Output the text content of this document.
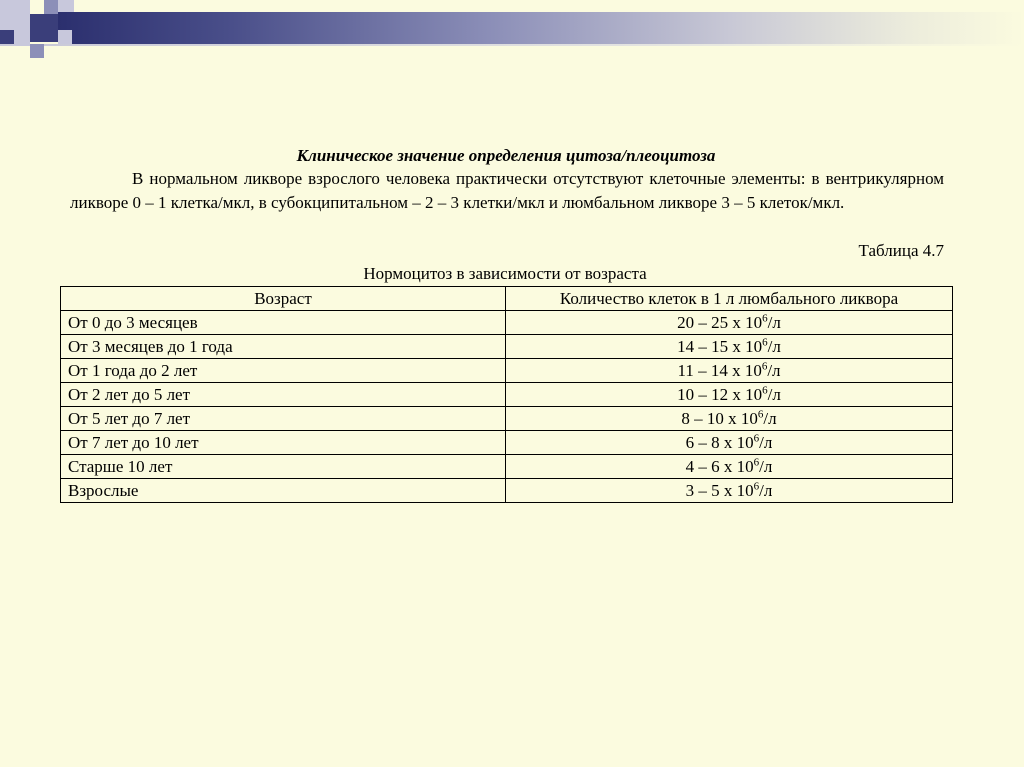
Клиническое значение определения цитоза/плеоцитоза
В нормальном ликворе взрослого человека практически отсутствуют клеточные элементы: в вентрикулярном ликворе 0 – 1 клетка/мкл, в субокципитальном – 2 – 3 клетки/мкл и люмбальном ликворе 3 – 5 клеток/мкл.
Таблица 4.7
Нормоцитоз в зависимости от возраста
Возраст	Количество клеток в 1 л люмбального ликвора
От 0 до 3 месяцев	20 – 25 х $10^6/л$
От 3 месяцев до 1 года	14 – 15 х $10^6/л$
От 1 года до 2 лет	11 – 14 х $10^6/л$
От 2 лет до 5 лет	10 – 12 х $10^6/л$
От 5 лет до 7 лет	8 – 10 х $10^6/л$
От 7 лет до 10 лет	6 – 8 х $10^6/л$
Старше 10 лет	4 – 6 х $10^6/л$
Взрослые	3 – 5 х $10^6/л$
